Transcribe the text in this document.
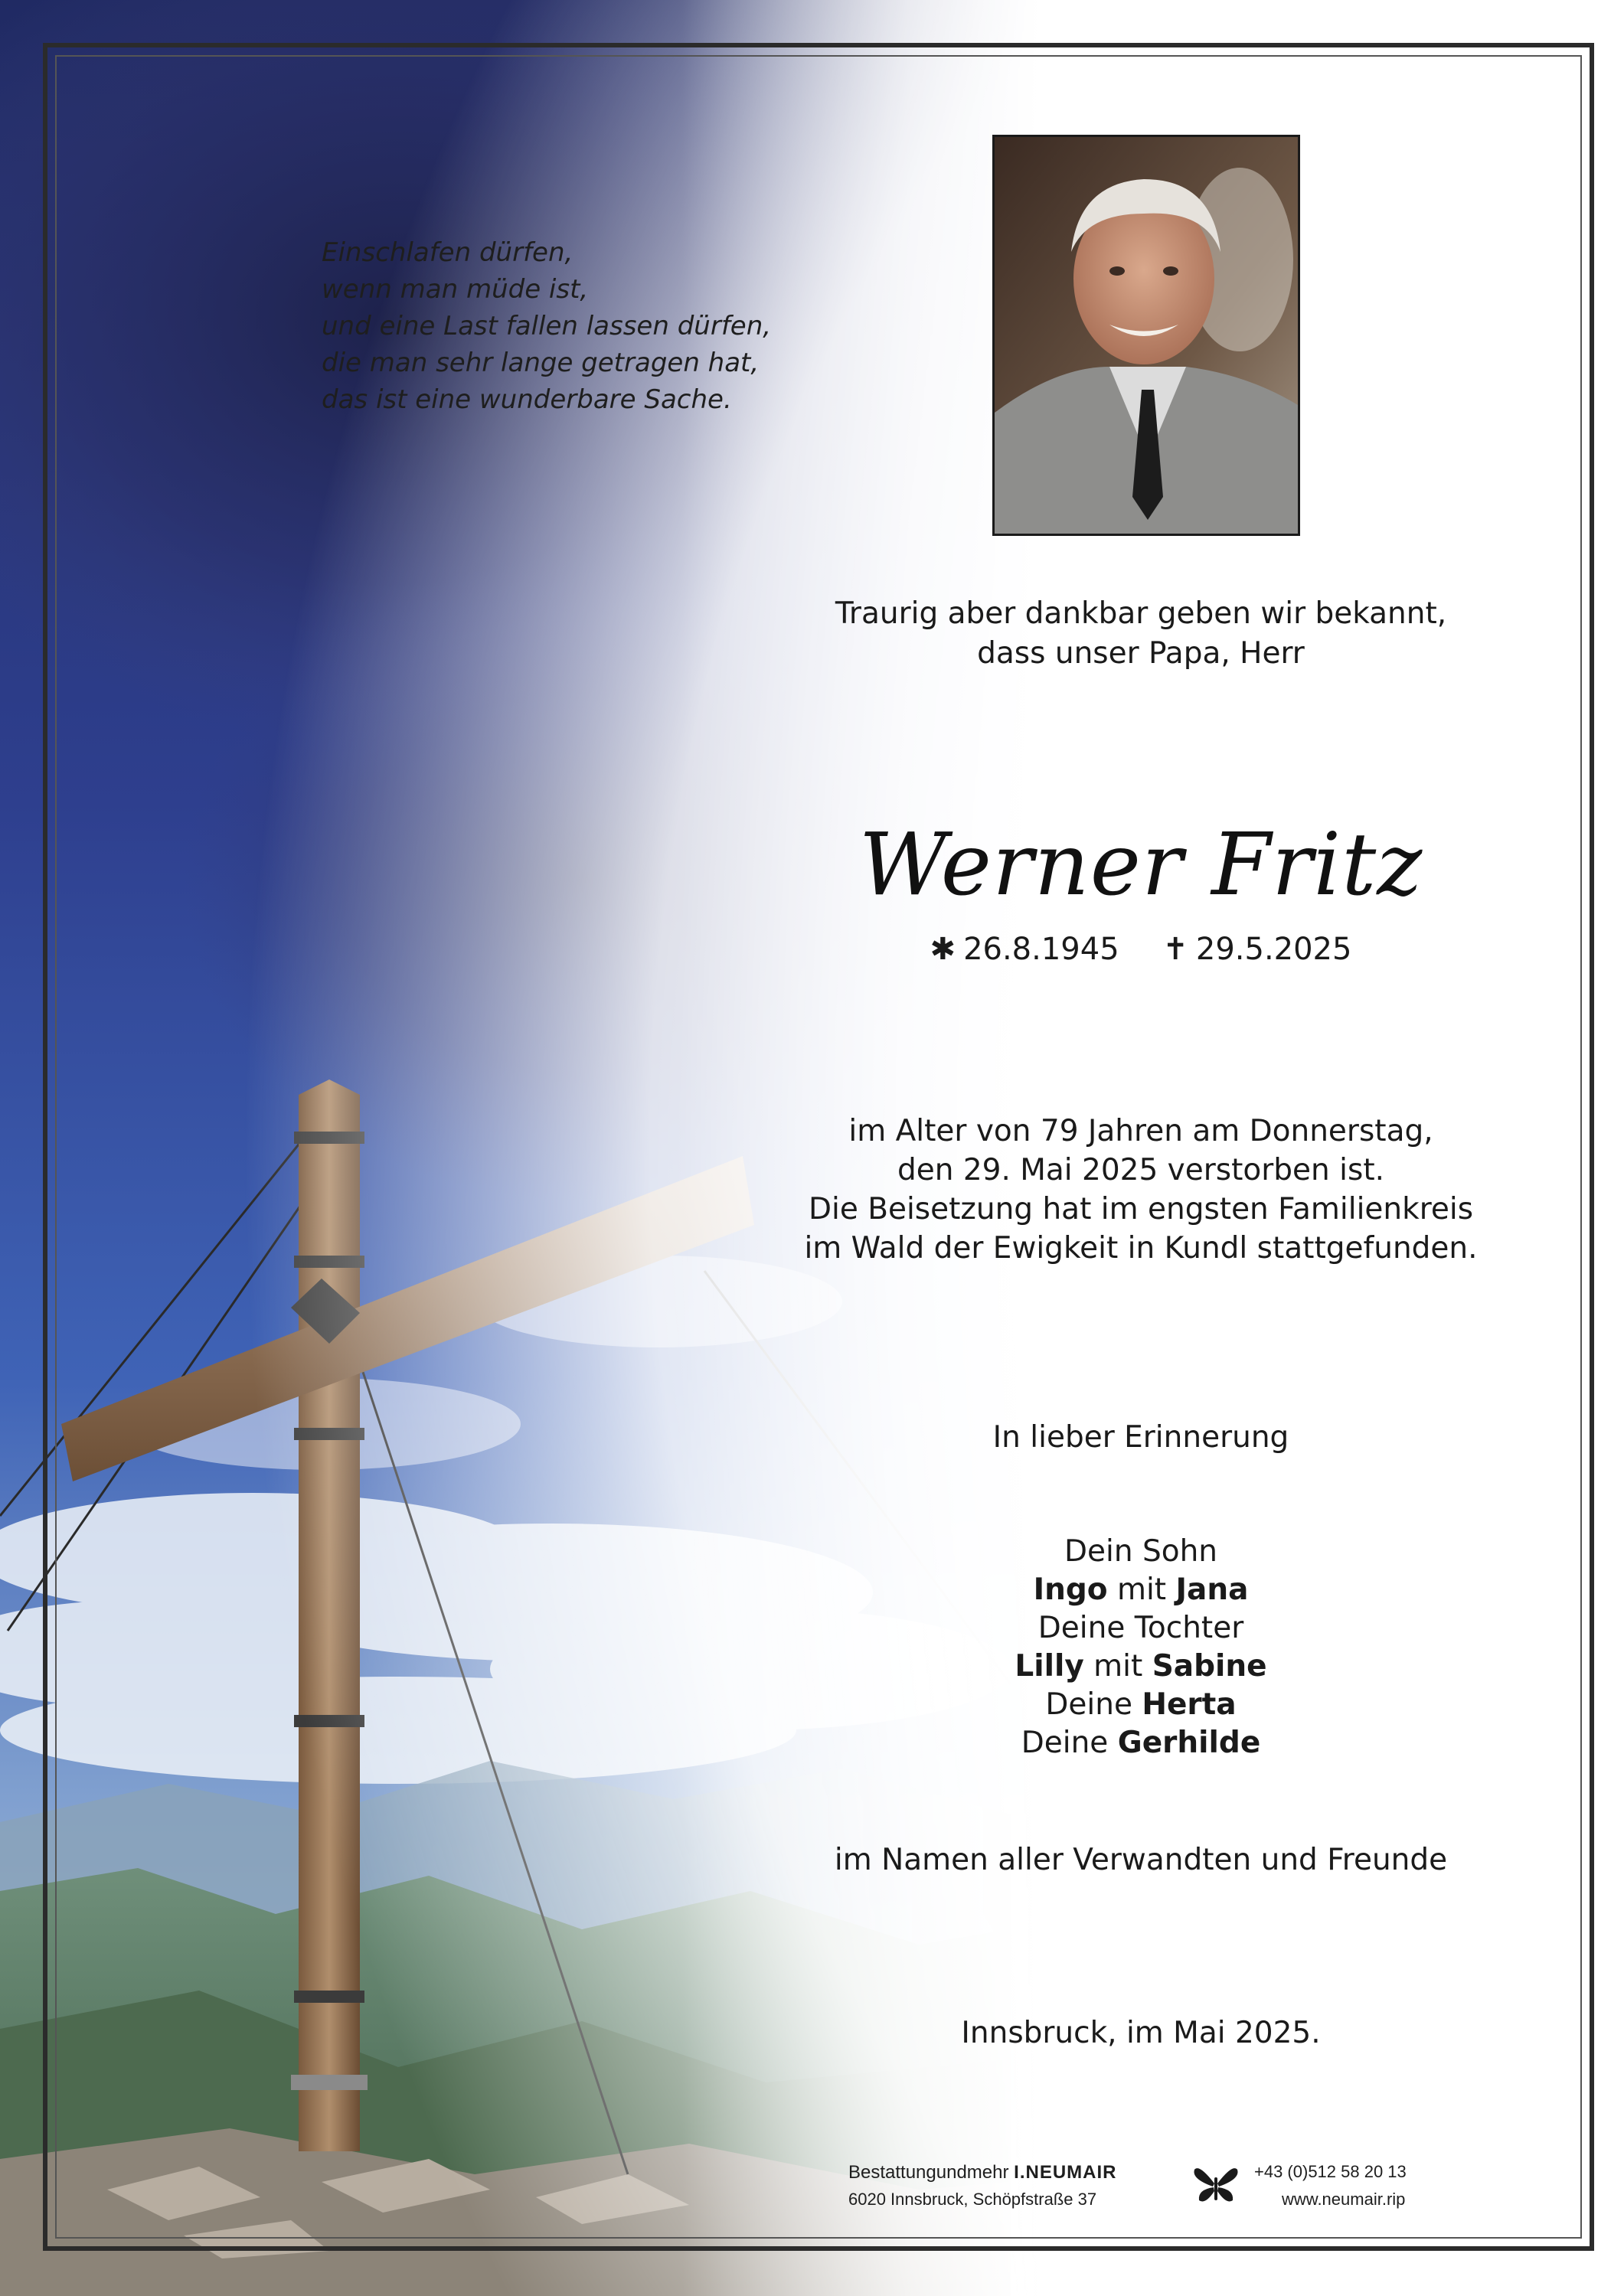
Einschlafen dürfen,
wenn man müde ist,
und eine Last fallen lassen dürfen,
die man sehr lange getragen hat,
das ist eine wunderbare Sache.
Traurig aber dankbar geben wir bekannt,
dass unser Papa, Herr
Werner Fritz
✱ 26.8.1945 ✝ 29.5.2025
im Alter von 79 Jahren am Donnerstag,
den 29. Mai 2025 verstorben ist.
Die Beisetzung hat im engsten Familienkreis
im Wald der Ewigkeit in Kundl stattgefunden.
In lieber Erinnerung
Dein Sohn
Ingo mit Jana
Deine Tochter
Lilly mit Sabine
Deine Herta
Deine Gerhilde
im Namen aller Verwandten und Freunde
Innsbruck, im Mai 2025.
Bestattungundmehr I.NEUMAIR
6020 Innsbruck, Schöpfstraße 37
+43 (0)512 58 20 13
www.neumair.rip
